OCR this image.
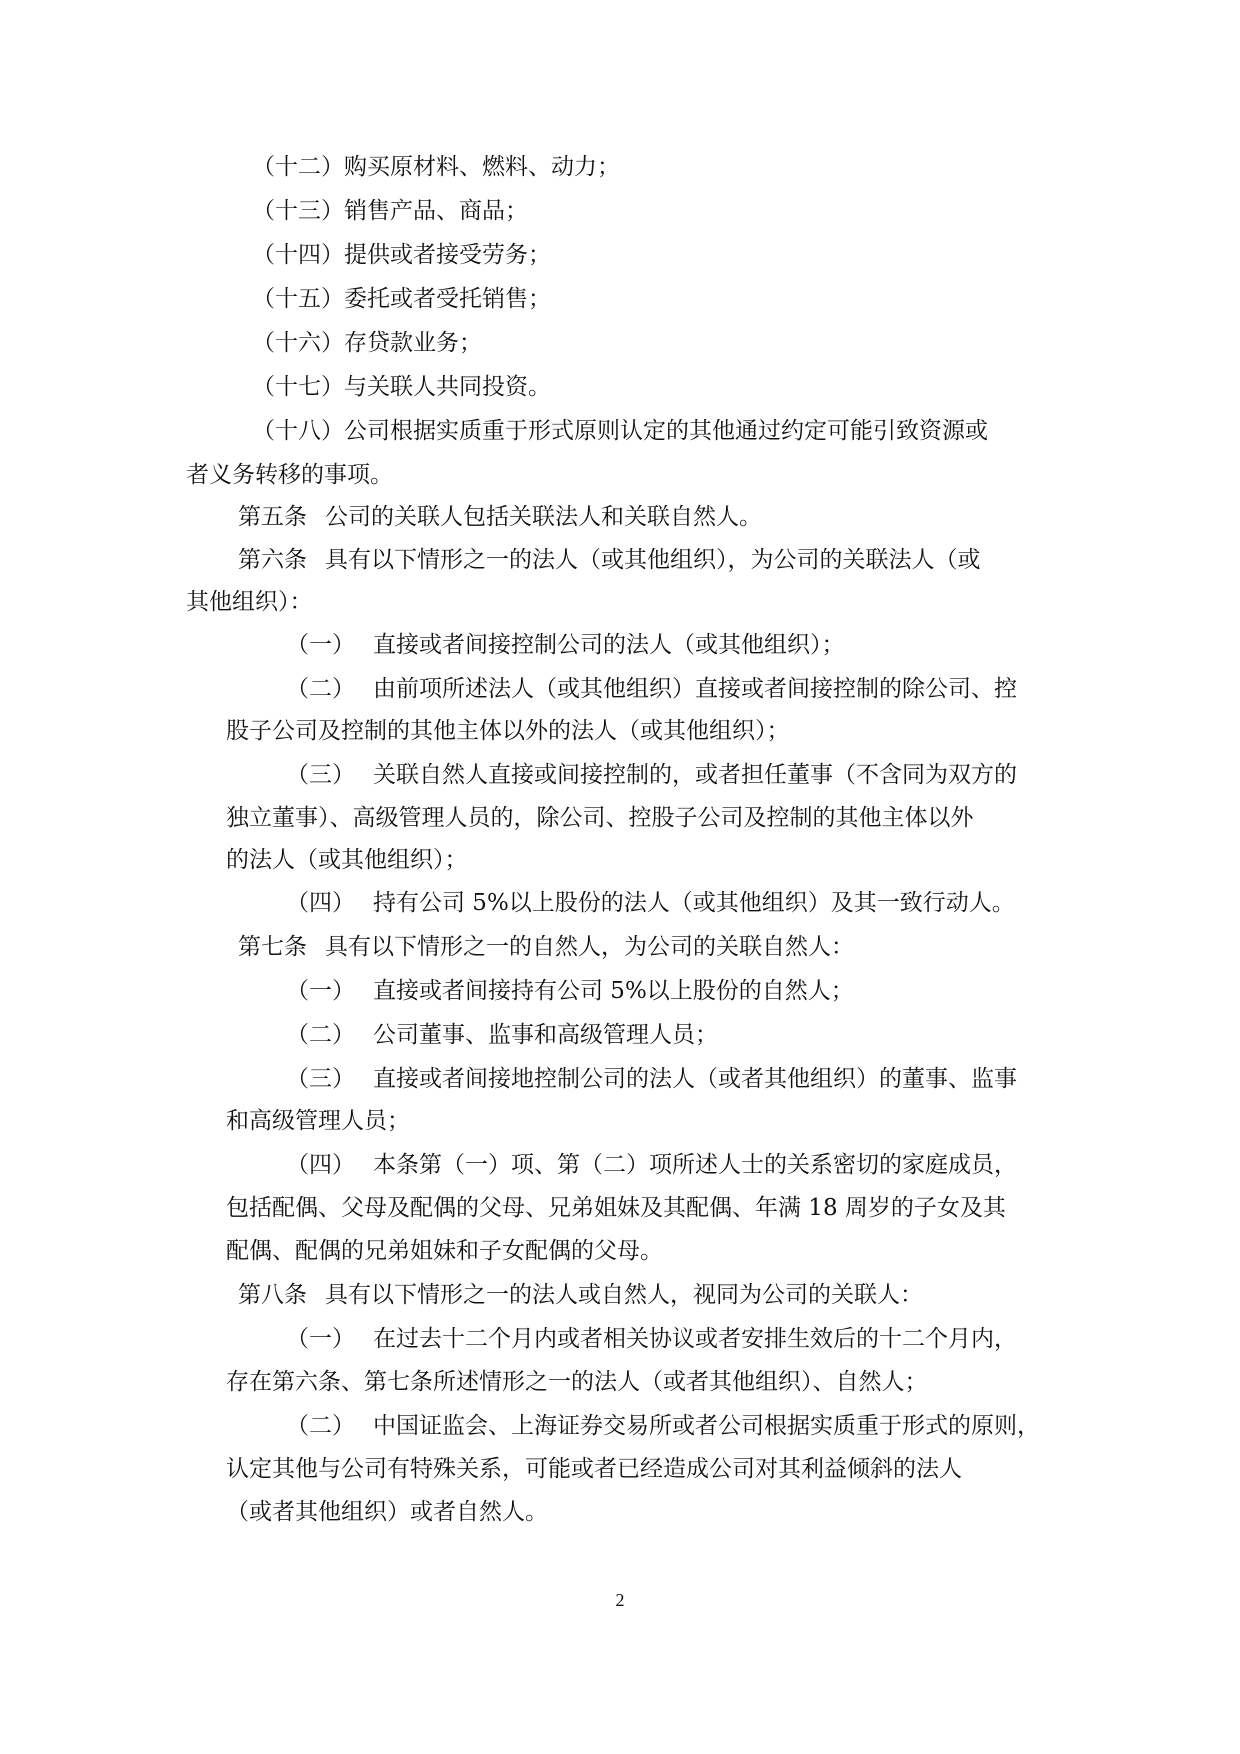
（十二）购买原材料、燃料、动力；
（十三）销售产品、商品；
（十四）提供或者接受劳务；
（十五）委托或者受托销售；
（十六）存贷款业务；
（十七）与关联人共同投资。
（十八）公司根据实质重于形式原则认定的其他通过约定可能引致资源或
者义务转移的事项。
第五条 公司的关联人包括关联法人和关联自然人。
第六条 具有以下情形之一的法人（或其他组织），为公司的关联法人（或
其他组织）：
（一） 直接或者间接控制公司的法人（或其他组织）；
（二） 由前项所述法人（或其他组织）直接或者间接控制的除公司、控
股子公司及控制的其他主体以外的法人（或其他组织）；
（三） 关联自然人直接或间接控制的，或者担任董事（不含同为双方的
独立董事）、高级管理人员的，除公司、控股子公司及控制的其他主体以外
的法人（或其他组织）；
（四） 持有公司 5%以上股份的法人（或其他组织）及其一致行动人。
第七条 具有以下情形之一的自然人，为公司的关联自然人：
（一） 直接或者间接持有公司 5%以上股份的自然人；
（二） 公司董事、监事和高级管理人员；
（三） 直接或者间接地控制公司的法人（或者其他组织）的董事、监事
和高级管理人员；
（四） 本条第（一）项、第（二）项所述人士的关系密切的家庭成员，
包括配偶、父母及配偶的父母、兄弟姐妹及其配偶、年满 18 周岁的子女及其
配偶、配偶的兄弟姐妹和子女配偶的父母。
第八条 具有以下情形之一的法人或自然人，视同为公司的关联人：
（一） 在过去十二个月内或者相关协议或者安排生效后的十二个月内，
存在第六条、第七条所述情形之一的法人（或者其他组织）、自然人；
（二） 中国证监会、上海证券交易所或者公司根据实质重于形式的原则，
认定其他与公司有特殊关系，可能或者已经造成公司对其利益倾斜的法人
（或者其他组织）或者自然人。
2
